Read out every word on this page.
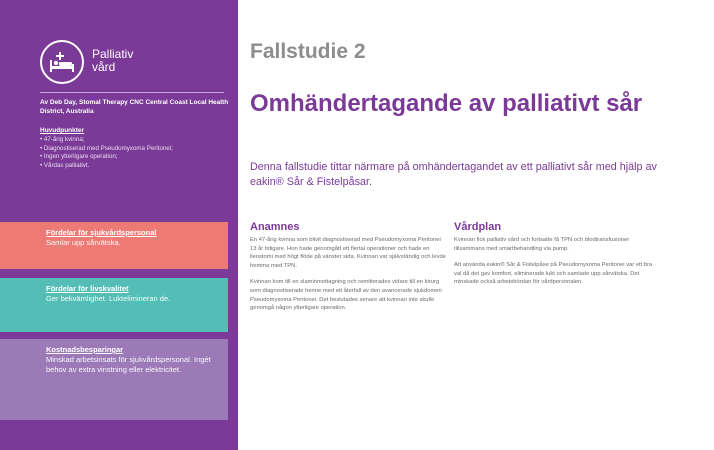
Palliativ
vård
Av Deb Day, Stomal Therapy CNC Central Coast Local Health District, Australia
Huvudpunkter
• 47-årig kvinna;
• Diagnostiserad med Pseudomyxoma Peritonei;
• Ingen ytterligare operation;
• Vårdas palliativt.
Fördelar för sjukvårdspersonal
Samlar upp sårvätska.
Fördelar för livskvalitet
Ger bekvämlighet. Luktelimineran de.
Kostnadsbesparingar
Minskad arbetsinsats för sjukvårdspersonal. Ingét behov av extra vinstning eller elektricitet.
Fallstudie 2
Omhändertagande av palliativt sår
Denna fallstudie tittar närmare på omhändertagandet av ett palliativt sår med hjälp av eakin® Sår & Fistelpåsar.
Anamnes

En 47-årig kvinna som blivit diagnostiserad med Pseudomyxoma Peritonei 13 år tidigare. Hon hade genomgått ett flertal operationer och hade en ileostomi med högt flöde på vänster sida. Kvinnan var självständig och levde hemma med TPN.

Kvinnan kom till en slaminmottagning och remitterades vidare till en kirurg som diagnostiserade henne med ett återfall av den avancerade sjukdomen Pseudomyxoma Peritonei. Det beslutades senare att kvinnan inte skulle genomgå någon ytterligare operation.

Vårdplan

Kvinnan fick palliativ vård och fortsatte få TPN och blodtransfusioner tillsammans med smärtbehandling via pump.

Att använda eakin® Sår & Fistelpåse på Pseudomyxoma Peritonei var ett bra val då det gav komfort, eliminerade lukt och samlade upp sårvätska. Det minskade också arbetsbördan för vårdpersonalen.
